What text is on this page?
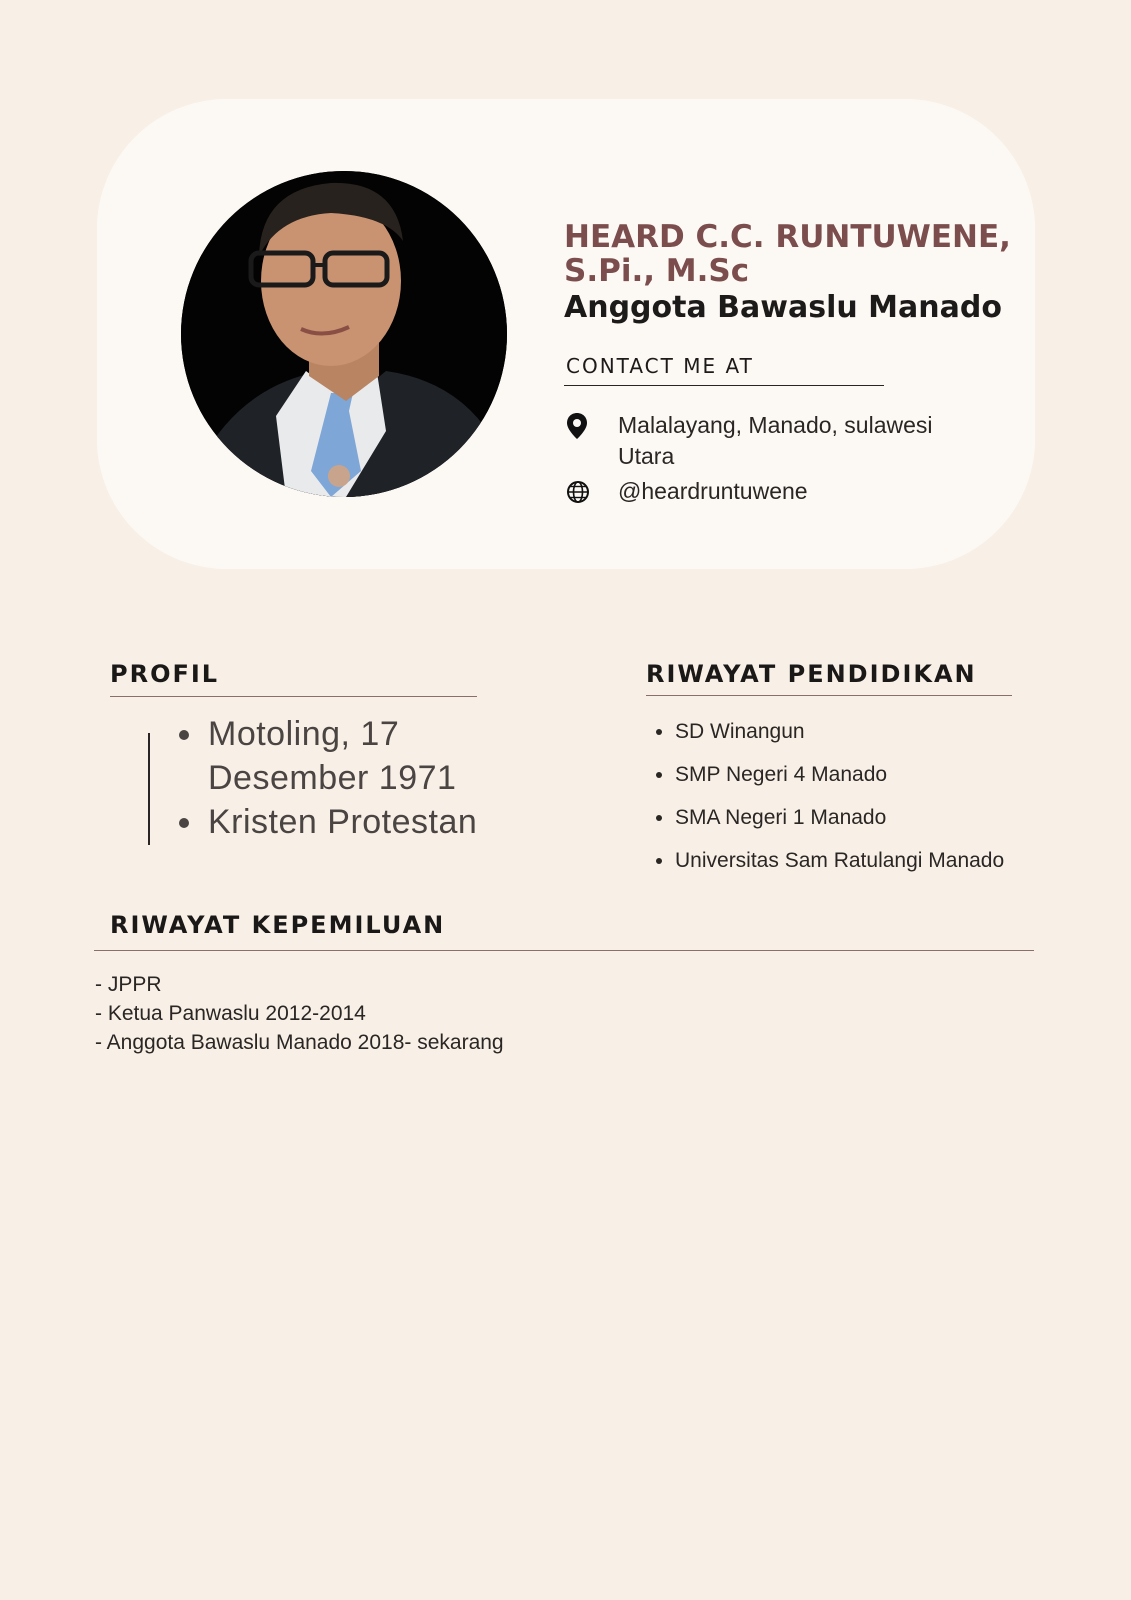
HEARD C.C. RUNTUWENE, S.Pi., M.Sc
Anggota Bawaslu Manado
CONTACT ME AT
Malalayang, Manado, sulawesi Utara
@heardruntuwene
PROFIL
• Motoling, 17 Desember 1971
• Kristen Protestan
RIWAYAT PENDIDIKAN
• SD Winangun
• SMP Negeri 4 Manado
• SMA Negeri 1 Manado
• Universitas Sam Ratulangi Manado
RIWAYAT KEPEMILUAN
- JPPR
- Ketua Panwaslu 2012-2014
- Anggota Bawaslu Manado 2018- sekarang
